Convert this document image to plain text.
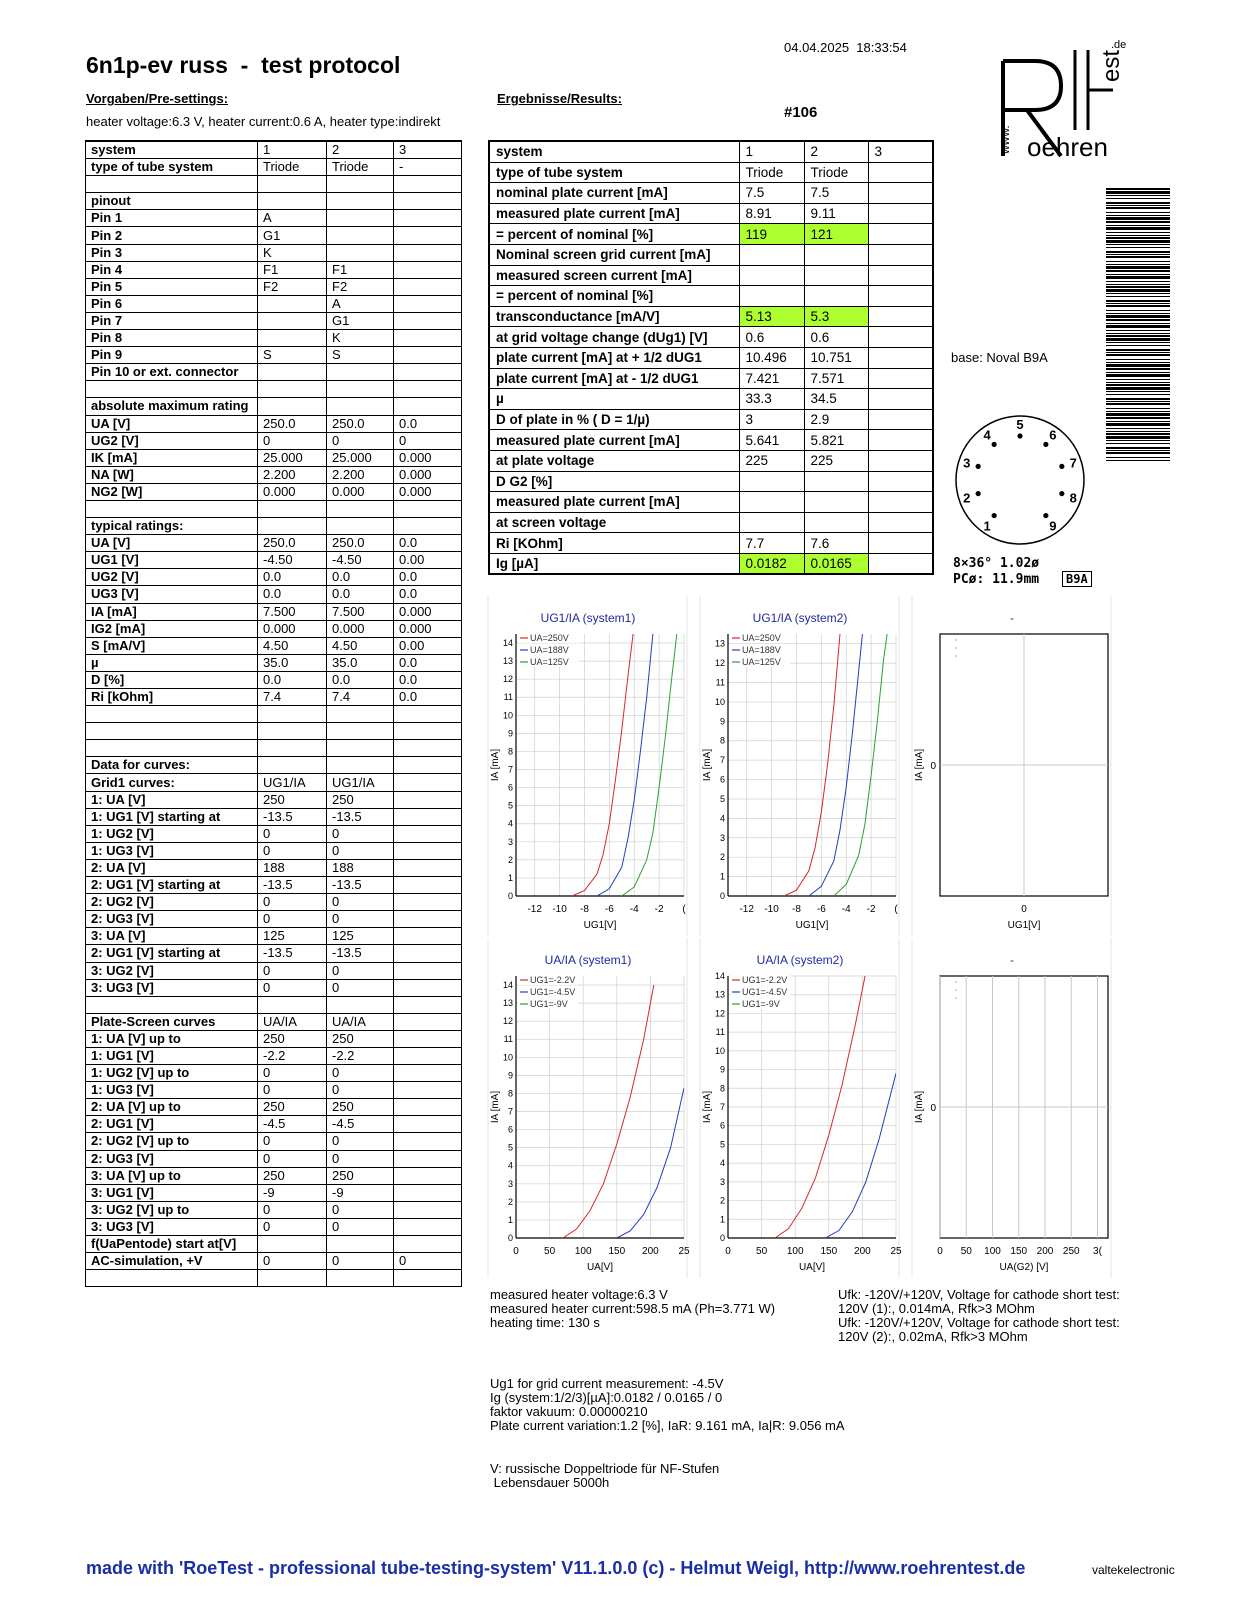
6n1p-ev russ  -  test protocol
04.04.2025  18:33:54
Vorgaben/Pre-settings:
heater voltage:6.3 V, heater current:0.6 A, heater type:indirekt
Ergebnisse/Results:
#106
www.
est
.de
oehren
system	1	2	3
type of tube system	Triode	Triode	-

pinout			
Pin 1	A		
Pin 2	G1		
Pin 3	K		
Pin 4	F1	F1	
Pin 5	F2	F2	
Pin 6		A	
Pin 7		G1	
Pin 8		K	
Pin 9	S	S	
Pin 10 or ext. connector			

absolute maximum rating			
UA [V]	250.0	250.0	0.0
UG2 [V]	0	0	0
IK [mA]	25.000	25.000	0.000
NA [W]	2.200	2.200	0.000
NG2 [W]	0.000	0.000	0.000

typical ratings:			
UA [V]	250.0	250.0	0.0
UG1 [V]	-4.50	-4.50	0.00
UG2 [V]	0.0	0.0	0.0
UG3 [V]	0.0	0.0	0.0
IA [mA]	7.500	7.500	0.000
IG2 [mA]	0.000	0.000	0.000
S [mA/V]	4.50	4.50	0.00
µ	35.0	35.0	0.0
D [%]	0.0	0.0	0.0
Ri [kOhm]	7.4	7.4	0.0

Data for curves:			
Grid1 curves:	UG1/IA	UG1/IA	
1: UA [V]	250	250	
1: UG1 [V] starting at	-13.5	-13.5	
1: UG2 [V]	0	0	
1: UG3 [V]	0	0	
2: UA [V]	188	188	
2: UG1 [V] starting at	-13.5	-13.5	
2: UG2 [V]	0	0	
2: UG3 [V]	0	0	
3: UA [V]	125	125	
2: UG1 [V] starting at	-13.5	-13.5	
3: UG2 [V]	0	0	
3: UG3 [V]	0	0	

Plate-Screen curves	UA/IA	UA/IA	
1: UA [V] up to	250	250	
1: UG1 [V]	-2.2	-2.2	
1: UG2 [V] up to	0	0	
1: UG3 [V]	0	0	
2: UA [V] up to	250	250	
2: UG1 [V]	-4.5	-4.5	
2: UG2 [V] up to	0	0	
2: UG3 [V]	0	0	
3: UA [V] up to	250	250	
3: UG1 [V]	-9	-9	
3: UG2 [V] up to	0	0	
3: UG3 [V]	0	0	
f(UaPentode) start at[V]			
AC-simulation, +V	0	0	0

system	1	2	3
type of tube system	Triode	Triode	
nominal plate current [mA]	7.5	7.5	
measured plate current [mA]	8.91	9.11	
= percent of nominal [%]	119	121	
Nominal screen grid current [mA]			
measured screen current [mA]			
= percent of nominal [%]			
transconductance [mA/V]	5.13	5.3	
at grid voltage change (dUg1) [V]	0.6	0.6	
plate current [mA] at + 1/2 dUG1	10.496	10.751	
plate current [mA] at - 1/2 dUG1	7.421	7.571	
µ	33.3	34.5	
D of plate in % ( D = 1/µ)	3	2.9	
measured plate current [mA]	5.641	5.821	
at plate voltage	225	225	
D G2 [%]			
measured plate current [mA]			
at screen voltage			
Ri [KOhm]	7.7	7.6	
Ig [µA]	0.0182	0.0165	
base: Noval B9A
1
2
3
4
5
6
7
8
9
8×36° 1.02ø
PCø: 11.9mm	B9A
UG1/IA (system1)
IA [mA]
UG1[V]
0
1
2
3
4
5
6
7
8
9
10
11
12
13
14
-12 -10 -8 -6 -4 -2 (
UA=250V
UA=188V
UA=125V
UG1/IA (system2)
IA [mA]
UG1[V]
0
1
2
3
4
5
6
7
8
9
10
11
12
13
-12 -10 -8 -6 -4 -2 (
UA=250V
UA=188V
UA=125V
-
IA [mA]
UG1[V]
0
0
UA/IA (system1)
IA [mA]
UA[V]
0
1
2
3
4
5
6
7
8
9
10
11
12
13
14
0	50 100 150 200 25
UG1=-2.2V
UG1=-4.5V
UG1=-9V
UA/IA (system2)
IA [mA]
UA[V]
0
1
2
3
4
5
6
7
8
9
10
11
12
13
14
0	50 100 150 200 25
UG1=-2.2V
UG1=-4.5V
UG1=-9V
-
IA [mA]
UA(G2) [V]
0 50 100 150 200 250 3(
0
measured heater voltage:6.3 V
measured heater current:598.5 mA (Ph=3.771 W)
heating time: 130 s
Ufk: -120V/+120V, Voltage for cathode short test:
120V (1):, 0.014mA, Rfk>3 MOhm
Ufk: -120V/+120V, Voltage for cathode short test:
120V (2):, 0.02mA, Rfk>3 MOhm
Ug1 for grid current measurement: -4.5V
Ig (system:1/2/3)[µA]:0.0182 / 0.0165 / 0
faktor vakuum: 0.00000210
Plate current variation:1.2 [%], IaR: 9.161 mA, Ia|R: 9.056 mA
V: russische Doppeltriode für NF-Stufen
Lebensdauer 5000h
made with 'RoeTest - professional tube-testing-system' V11.1.0.0 (c) - Helmut Weigl, http://www.roehrentest.de	valtekelectronic
